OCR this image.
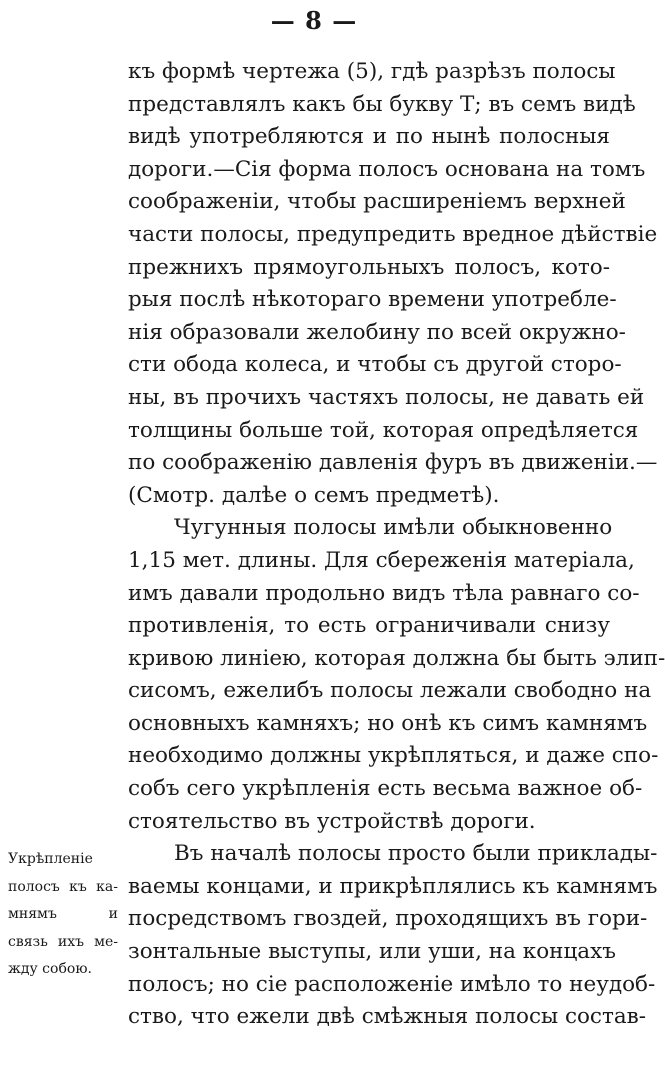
— 8 —
къ формѣ чертежа (5), гдѣ разрѣзъ полосы
представлялъ какъ бы букву Т; въ семъ видѣ
видѣ употребляются и по нынѣ полосныя
дороги.—Сія форма полосъ основана на томъ
соображеніи, чтобы расширеніемъ верхней
части полосы, предупредить вредное дѣйствіе
прежнихъ прямоугольныхъ полосъ, кото-
рыя послѣ нѣкотораго времени употребле-
нія образовали желобину по всей окружно-
сти обода колеса, и чтобы съ другой сторо-
ны, въ прочихъ частяхъ полосы, не давать ей
толщины больше той, которая опредѣляется
по соображенію давленія фуръ въ движеніи.—
(Смотр. далѣе о семъ предметѣ).
Чугунныя полосы имѣли обыкновенно
1,15 мет. длины. Для сбереженія матеріала,
имъ давали продольно видъ тѣла равнаго со-
противленія, то есть ограничивали снизу
кривою линіею, которая должна бы быть элип-
сисомъ, ежелибъ полосы лежали свободно на
основныхъ камняхъ; но онѣ къ симъ камнямъ
необходимо должны укрѣпляться, и даже спо-
собъ сего укрѣпленія есть весьма важное об-
стоятельство въ устройствѣ дороги.
Въ началѣ полосы просто были приклады-
ваемы концами, и прикрѣплялись къ камнямъ
посредствомъ гвоздей, проходящихъ въ гори-
зонтальные выступы, или уши, на концахъ
полосъ; но сіе расположеніе имѣло то неудоб-
ство, что ежели двѣ смѣжныя полосы состав-
Укрѣпленіе
полосъ къ ка-
мнямъ и
связь ихъ ме-
жду собою.
